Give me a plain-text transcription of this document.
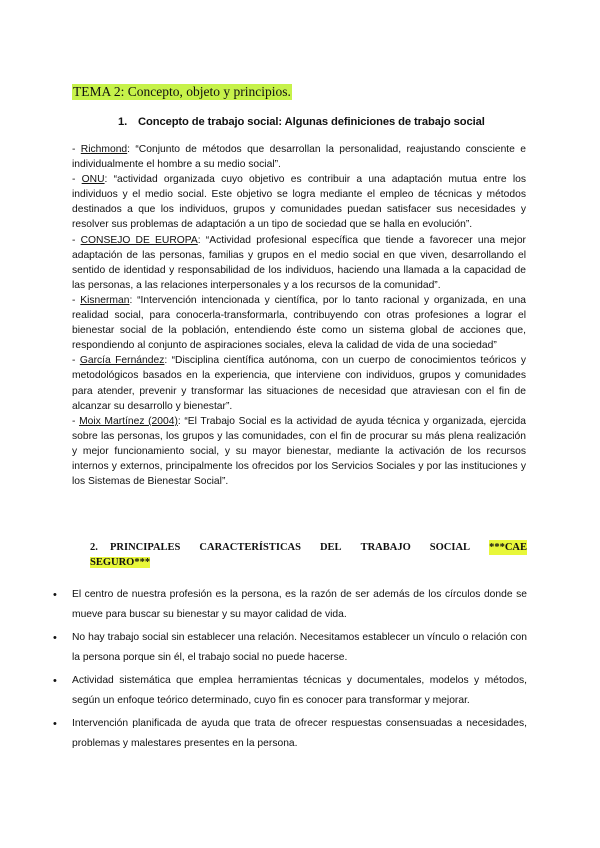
TEMA 2: Concepto, objeto y principios.
1. Concepto de trabajo social: Algunas definiciones de trabajo social

- Richmond: “Conjunto de métodos que desarrollan la personalidad, reajustando consciente e individualmente el hombre a su medio social”.

- ONU: “actividad organizada cuyo objetivo es contribuir a una adaptación mutua entre los individuos y el medio social. Este objetivo se logra mediante el empleo de técnicas y métodos destinados a que los individuos, grupos y comunidades puedan satisfacer sus necesidades y resolver sus problemas de adaptación a un tipo de sociedad que se halla en evolución”.

- CONSEJO DE EUROPA: “Actividad profesional específica que tiende a favorecer una mejor adaptación de las personas, familias y grupos en el medio social en que viven, desarrollando el sentido de identidad y responsabilidad de los individuos, haciendo una llamada a la capacidad de las personas, a las relaciones interpersonales y a los recursos de la comunidad”.

- Kisnerman: “Intervención intencionada y científica, por lo tanto racional y organizada, en una realidad social, para conocerla-transformarla, contribuyendo con otras profesiones a lograr el bienestar social de la población, entendiendo éste como un sistema global de acciones que, respondiendo al conjunto de aspiraciones sociales, eleva la calidad de vida de una sociedad”

- García Fernández: “Disciplina científica autónoma, con un cuerpo de conocimientos teóricos y metodológicos basados en la experiencia, que interviene con individuos, grupos y comunidades para atender, prevenir y transformar las situaciones de necesidad que atraviesan con el fin de alcanzar su desarrollo y bienestar”.

- Moix Martínez (2004): “El Trabajo Social es la actividad de ayuda técnica y organizada, ejercida sobre las personas, los grupos y las comunidades, con el fin de procurar su más plena realización y mejor funcionamiento social, y su mayor bienestar, mediante la activación de los recursos internos y externos, principalmente los ofrecidos por los Servicios Sociales y por las instituciones y los Sistemas de Bienestar Social”.

2. PRINCIPALES CARACTERÍSTICAS DEL TRABAJO SOCIAL ***CAE
SEGURO***
•	El centro de nuestra profesión es la persona, es la razón de ser además de los círculos donde se mueve para buscar su bienestar y su mayor calidad de vida.
•	No hay trabajo social sin establecer una relación. Necesitamos establecer un vínculo o relación con la persona porque sin él, el trabajo social no puede hacerse.
•	Actividad sistemática que emplea herramientas técnicas y documentales, modelos y métodos, según un enfoque teórico determinado, cuyo fin es conocer para transformar y mejorar.
•	Intervención planificada de ayuda que trata de ofrecer respuestas consensuadas a necesidades, problemas y malestares presentes en la persona.
